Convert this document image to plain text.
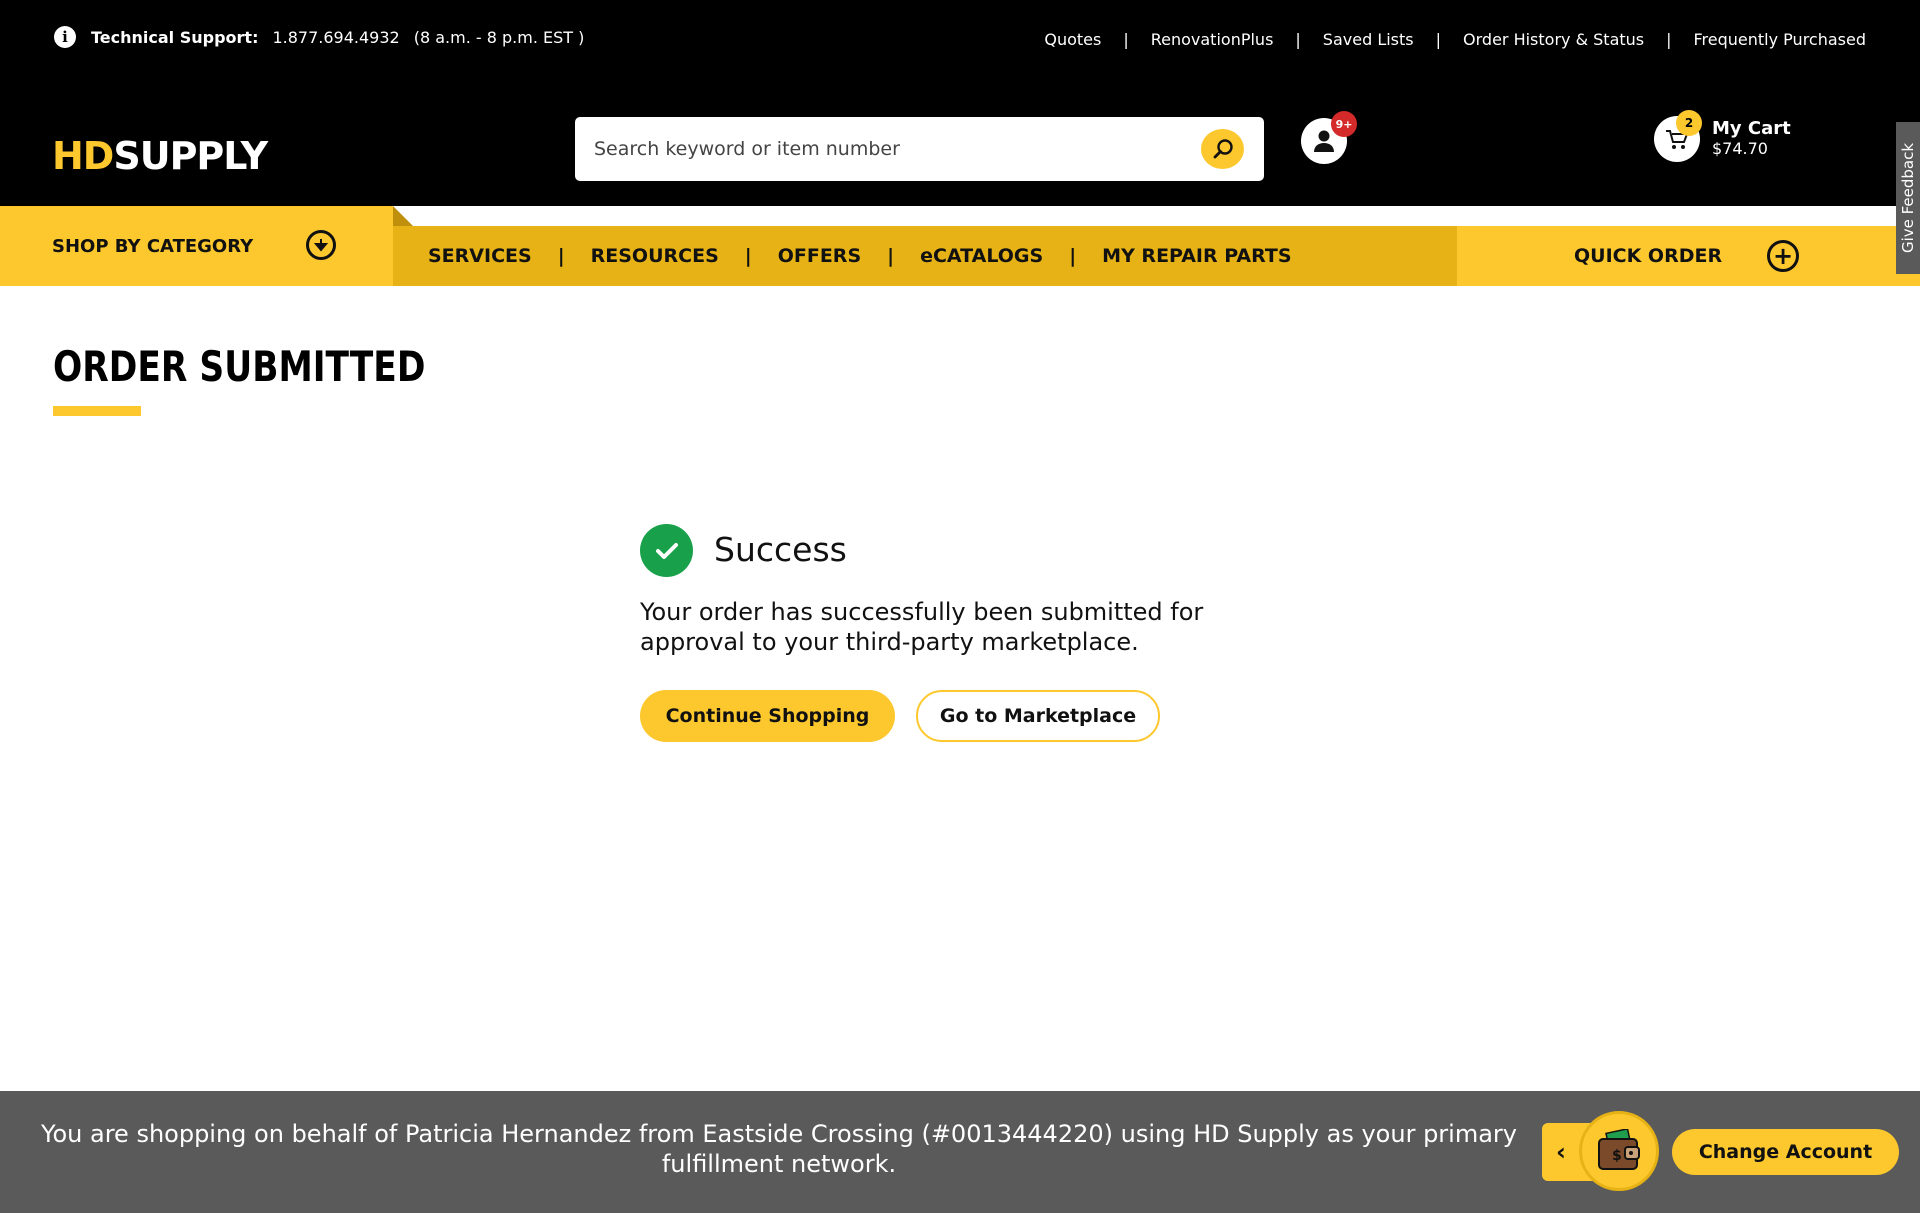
i	Technical Support: 1.877.694.4932 (8 a.m. - 8 p.m. EST )	Quotes | RenovationPlus | Saved Lists | Order History & Status | Frequently Purchased
HDSUPPLY
Search keyword or item number
9+	2	My Cart
$74.70
SHOP BY CATEGORY	SERVICES | RESOURCES | OFFERS | eCATALOGS | MY REPAIR PARTS	QUICK ORDER +
Give Feedback
ORDER SUBMITTED
Success
Your order has successfully been submitted for approval to your third-party marketplace.
Continue Shopping	Go to Marketplace
You are shopping on behalf of Patricia Hernandez from Eastside Crossing (#0013444220) using HD Supply as your primary fulfillment network.	‹	$	Change Account
